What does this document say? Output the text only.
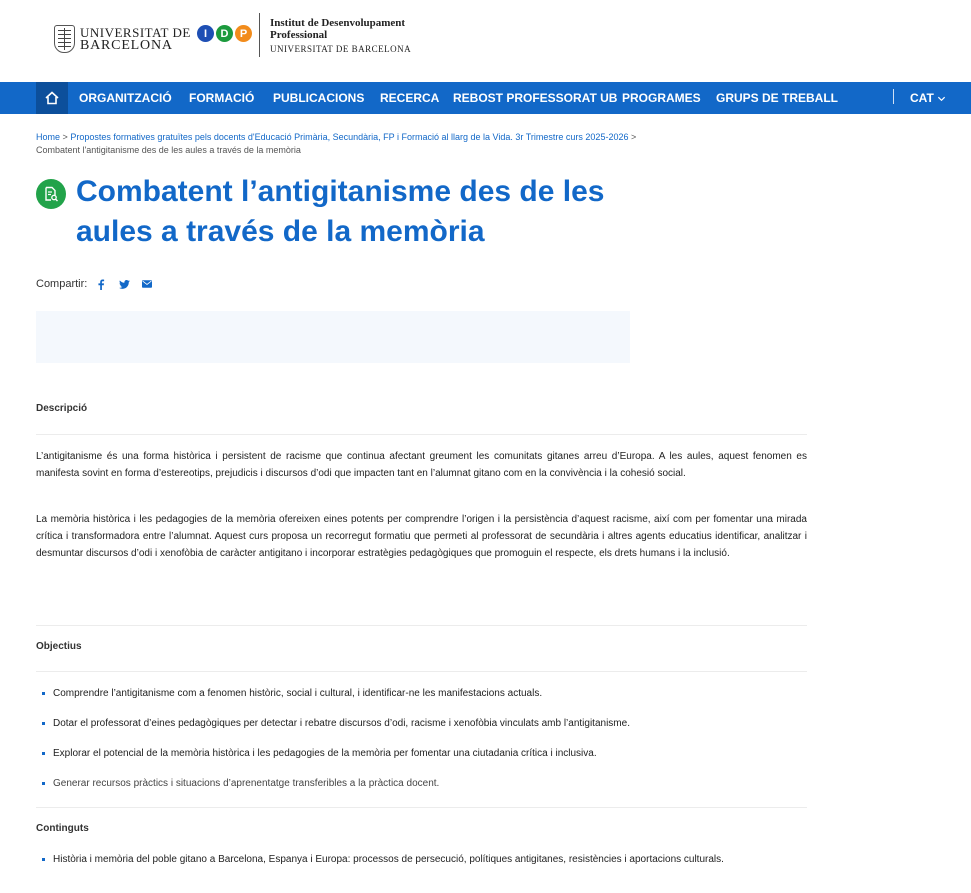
UNIVERSITAT DE
BARCELONA
I	D	P
Institut de Desenvolupament
Professional
UNIVERSITAT DE BARCELONA
ORGANITZACIÓ FORMACIÓ PUBLICACIONS RECERCA REBOST PROFESSORAT UB PROGRAMES GRUPS DE TREBALL	CAT
Home > Propostes formatives gratuïtes pels docents d'Educació Primària, Secundària, FP i Formació al llarg de la Vida. 3r Trimestre curs 2025-2026 >
Combatent l'antigitanisme des de les aules a través de la memòria
Combatent l’antigitanisme des de les aules a través de la memòria
Compartir:
Descripció

L’antigitanisme és una forma històrica i persistent de racisme que continua afectant greument les comunitats gitanes arreu d’Europa. A les aules, aquest fenomen es manifesta sovint en forma d’estereotips, prejudicis i discursos d’odi que impacten tant en l’alumnat gitano com en la convivència i la cohesió social.

La memòria històrica i les pedagogies de la memòria ofereixen eines potents per comprendre l’origen i la persistència d’aquest racisme, així com per fomentar una mirada crítica i transformadora entre l’alumnat. Aquest curs proposa un recorregut formatiu que permeti al professorat de secundària i altres agents educatius identificar, analitzar i desmuntar discursos d’odi i xenofòbia de caràcter antigitano i incorporar estratègies pedagògiques que promoguin el respecte, els drets humans i la inclusió.

Objectius
Comprendre l’antigitanisme com a fenomen històric, social i cultural, i identificar-ne les manifestacions actuals.
Dotar el professorat d’eines pedagògiques per detectar i rebatre discursos d’odi, racisme i xenofòbia vinculats amb l’antigitanisme.
Explorar el potencial de la memòria històrica i les pedagogies de la memòria per fomentar una ciutadania crítica i inclusiva.
Generar recursos pràctics i situacions d’aprenentatge transferibles a la pràctica docent.
Continguts
Història i memòria del poble gitano a Barcelona, Espanya i Europa: processos de persecució, polítiques antigitanes, resistències i aportacions culturals.
